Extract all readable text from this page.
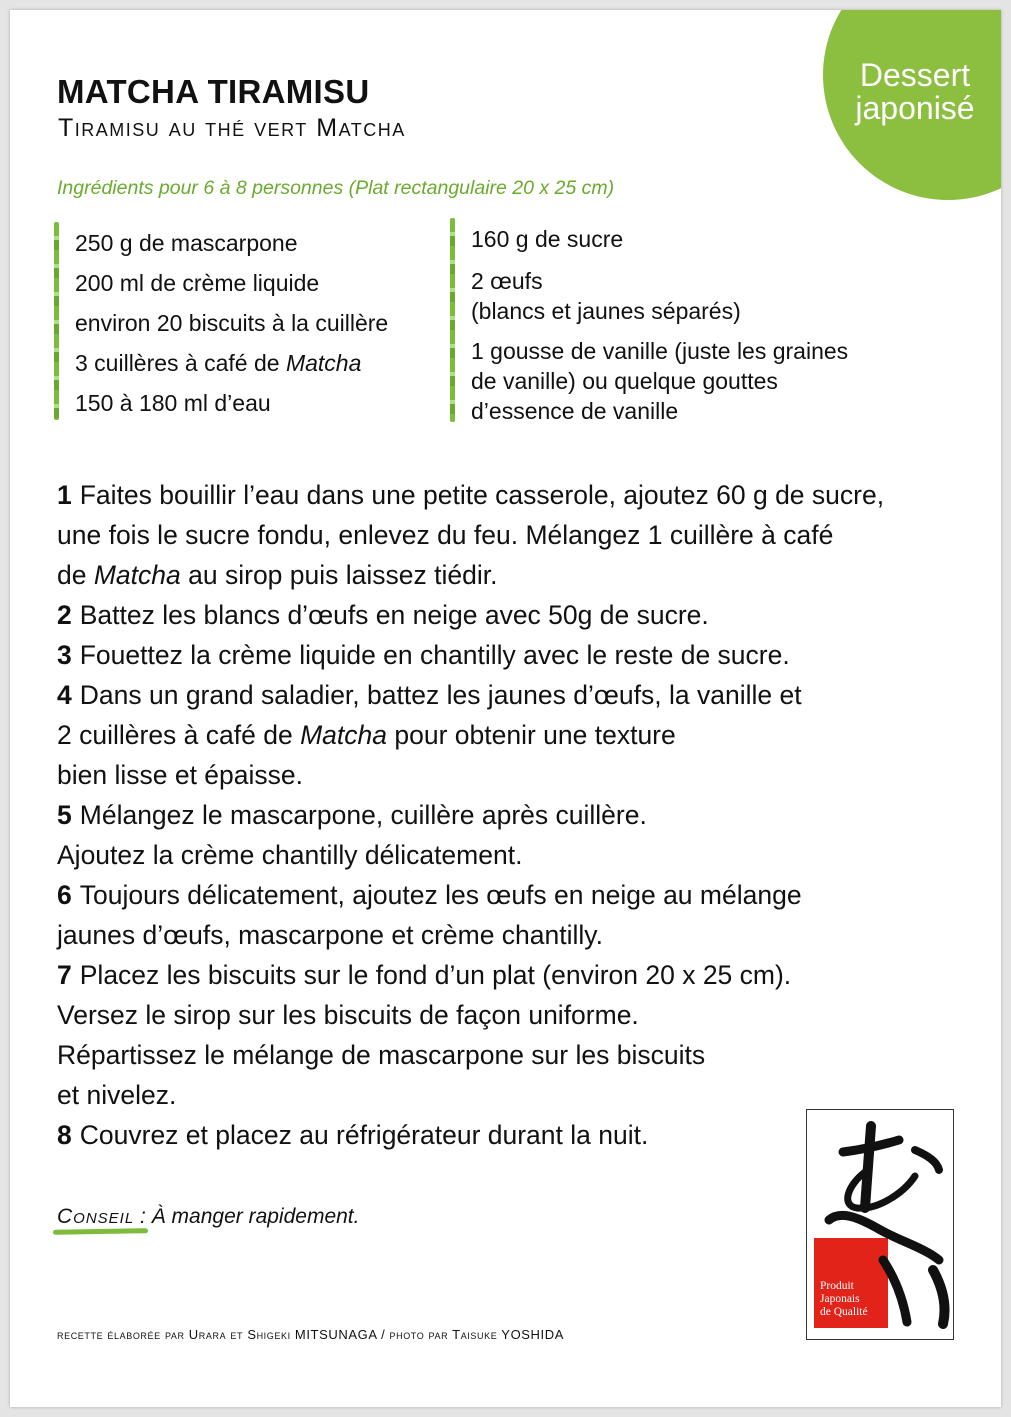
Dessert
japonisé
MATCHA TIRAMISU
Tiramisu au thé vert Matcha
Ingrédients pour 6 à 8 personnes (Plat rectangulaire 20 x 25 cm)
250 g de mascarpone
200 ml de crème liquide
environ 20 biscuits à la cuillère
3 cuillères à café de Matcha
150 à 180 ml d’eau
160 g de sucre
2 œufs
(blancs et jaunes séparés)
1 gousse de vanille (juste les graines
de vanille) ou quelque gouttes
d’essence de vanille
1 Faites bouillir l’eau dans une petite casserole, ajoutez 60 g de sucre,
une fois le sucre fondu, enlevez du feu. Mélangez 1 cuillère à café
de Matcha au sirop puis laissez tiédir.
2 Battez les blancs d’œufs en neige avec 50g de sucre.
3 Fouettez la crème liquide en chantilly avec le reste de sucre.
4 Dans un grand saladier, battez les jaunes d’œufs, la vanille et
2 cuillères à café de Matcha pour obtenir une texture
bien lisse et épaisse.
5 Mélangez le mascarpone, cuillère après cuillère.
Ajoutez la crème chantilly délicatement.
6 Toujours délicatement, ajoutez les œufs en neige au mélange
jaunes d’œufs, mascarpone et crème chantilly.
7 Placez les biscuits sur le fond d’un plat (environ 20 x 25 cm).
Versez le sirop sur les biscuits de façon uniforme.
Répartissez le mélange de mascarpone sur les biscuits
et nivelez.
8 Couvrez et placez au réfrigérateur durant la nuit.
Conseil
: À manger rapidement.
recette élaborée par Urara et Shigeki MITSUNAGA / photo par Taisuke YOSHIDA
Produit
Japonais
de Qualité
